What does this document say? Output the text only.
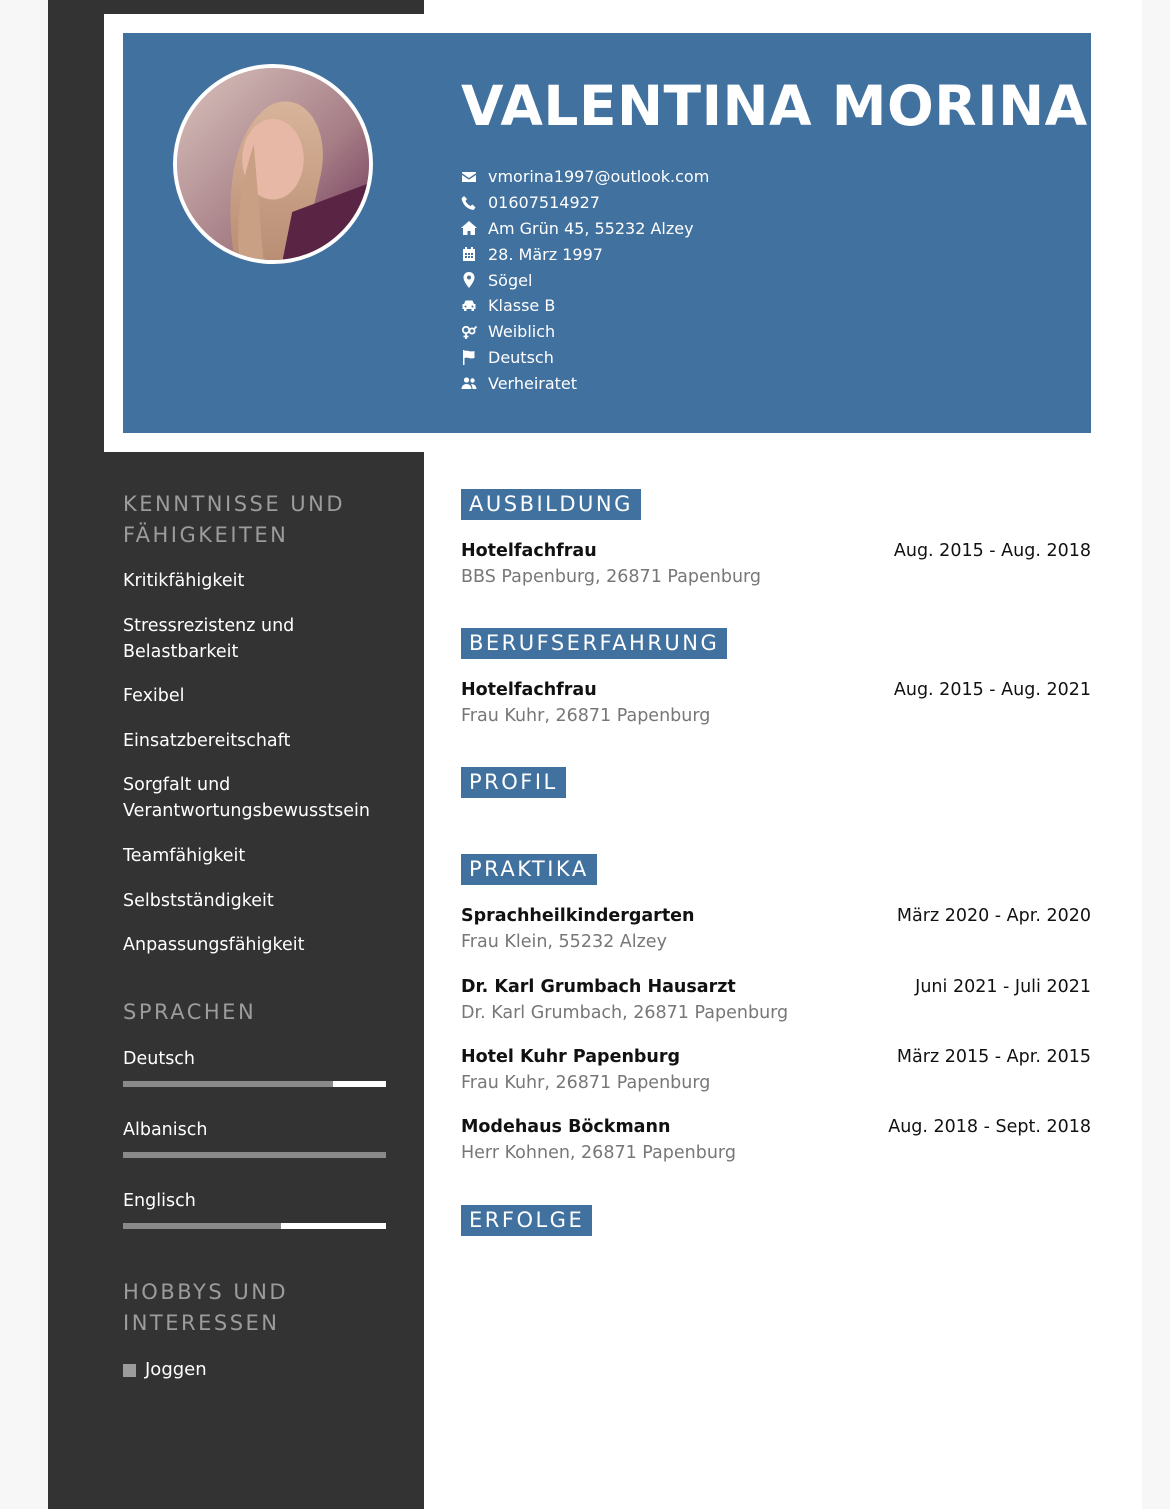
VALENTINA MORINA
vmorina1997@outlook.com
01607514927
Am Grün 45, 55232 Alzey
28. März 1997
Sögel
Klasse B
Weiblich
Deutsch
Verheiratet
KENNTNISSE UND FÄHIGKEITEN
Kritikfähigkeit
Stressrezistenz und Belastbarkeit
Fexibel
Einsatzbereitschaft
Sorgfalt und Verantwortungsbewusstsein
Teamfähigkeit
Selbstständigkeit
Anpassungsfähigkeit
SPRACHEN
Deutsch
Albanisch
Englisch
HOBBYS UND INTERESSEN
Joggen
AUSBILDUNG
Hotelfachfrau	Aug. 2015 - Aug. 2018
BBS Papenburg, 26871 Papenburg
BERUFSERFAHRUNG
Hotelfachfrau	Aug. 2015 - Aug. 2021
Frau Kuhr, 26871 Papenburg
PROFIL
PRAKTIKA
Sprachheilkindergarten	März 2020 - Apr. 2020
Frau Klein, 55232 Alzey
Dr. Karl Grumbach Hausarzt	Juni 2021 - Juli 2021
Dr. Karl Grumbach, 26871 Papenburg
Hotel Kuhr Papenburg	März 2015 - Apr. 2015
Frau Kuhr, 26871 Papenburg
Modehaus Böckmann	Aug. 2018 - Sept. 2018
Herr Kohnen, 26871 Papenburg
ERFOLGE
